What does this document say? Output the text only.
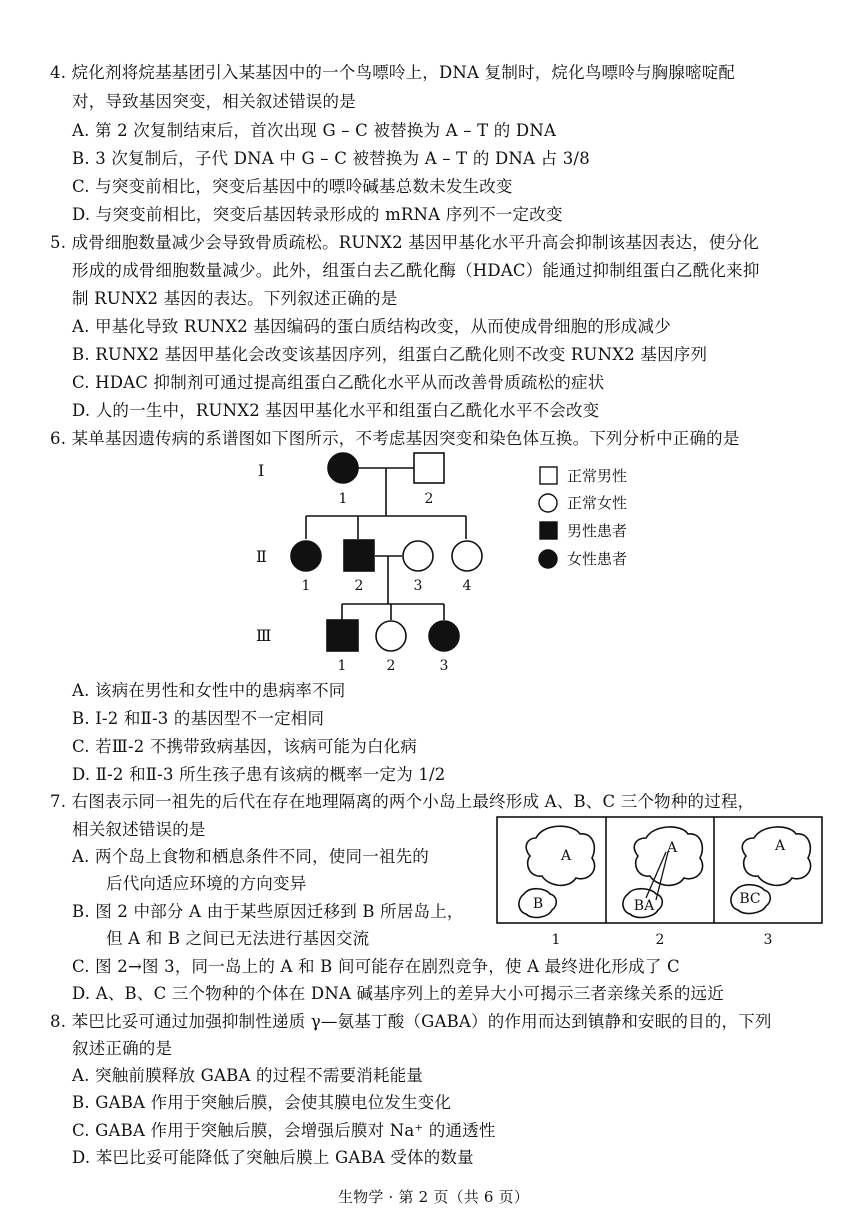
4. 烷化剂将烷基基团引入某基因中的一个鸟嘌呤上，DNA 复制时，烷化鸟嘌呤与胸腺嘧啶配
对，导致基因突变，相关叙述错误的是
A. 第 2 次复制结束后，首次出现 G – C 被替换为 A – T 的 DNA
B. 3 次复制后，子代 DNA 中 G – C 被替换为 A – T 的 DNA 占 3/8
C. 与突变前相比，突变后基因中的嘌呤碱基总数未发生改变
D. 与突变前相比，突变后基因转录形成的 mRNA 序列不一定改变
5. 成骨细胞数量减少会导致骨质疏松。RUNX2 基因甲基化水平升高会抑制该基因表达，使分化
形成的成骨细胞数量减少。此外，组蛋白去乙酰化酶（HDAC）能通过抑制组蛋白乙酰化来抑
制 RUNX2 基因的表达。下列叙述正确的是
A. 甲基化导致 RUNX2 基因编码的蛋白质结构改变，从而使成骨细胞的形成减少
B. RUNX2 基因甲基化会改变该基因序列，组蛋白乙酰化则不改变 RUNX2 基因序列
C. HDAC 抑制剂可通过提高组蛋白乙酰化水平从而改善骨质疏松的症状
D. 人的一生中，RUNX2 基因甲基化水平和组蛋白乙酰化水平不会改变
6. 某单基因遗传病的系谱图如下图所示，不考虑基因突变和染色体互换。下列分析中正确的是
Ⅰ
Ⅱ
Ⅲ
1	2
1	2	3	4
1	2	3
正常男性
正常女性
男性患者
女性患者
A. 该病在男性和女性中的患病率不同
B. Ⅰ-2 和Ⅱ-3 的基因型不一定相同
C. 若Ⅲ-2 不携带致病基因，该病可能为白化病
D. Ⅱ-2 和Ⅱ-3 所生孩子患有该病的概率一定为 1/2
7. 右图表示同一祖先的后代在存在地理隔离的两个小岛上最终形成 A、B、C 三个物种的过程，
相关叙述错误的是
A. 两个岛上食物和栖息条件不同，使同一祖先的
后代向适应环境的方向变异
B. 图 2 中部分 A 由于某些原因迁移到 B 所居岛上，
但 A 和 B 之间已无法进行基因交流
A
B
A
BA
A
BC
1	2	3
C. 图 2→图 3，同一岛上的 A 和 B 间可能存在剧烈竞争，使 A 最终进化形成了 C
D. A、B、C 三个物种的个体在 DNA 碱基序列上的差异大小可揭示三者亲缘关系的远近
8. 苯巴比妥可通过加强抑制性递质 γ—氨基丁酸（GABA）的作用而达到镇静和安眠的目的，下列
叙述正确的是
A. 突触前膜释放 GABA 的过程不需要消耗能量
B. GABA 作用于突触后膜，会使其膜电位发生变化
C. GABA 作用于突触后膜，会增强后膜对 Na⁺ 的通透性
D. 苯巴比妥可能降低了突触后膜上 GABA 受体的数量
生物学 · 第 2 页（共 6 页）
